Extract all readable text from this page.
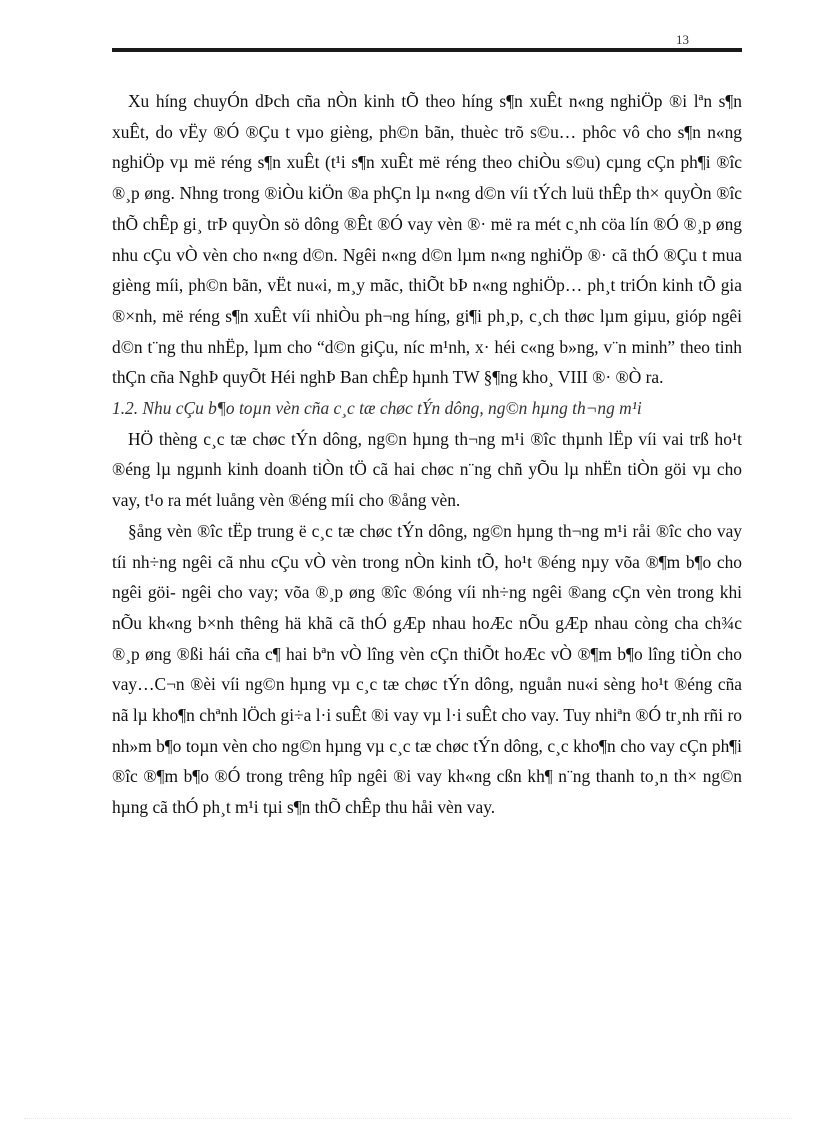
13

Xu híng chuyÓn dÞch cña nÒn kinh tÕ theo híng s¶n xuÊt n«ng nghiÖp ®i lªn s¶n xuÊt, do vËy ®Ó ®Çu t vµo gièng, ph©n bãn, thuèc trõ s©u… phôc vô cho s¶n n«ng nghiÖp vµ më réng s¶n xuÊt (t¹i s¶n xuÊt më réng theo chiÒu s©u) cµng cÇn ph¶i ®îc ®¸p øng. Nhng trong ®iÒu kiÖn ®a phÇn lµ n«ng d©n víi tÝch luü thÊp th× quyÒn ®îc thÕ chÊp gi¸ trÞ quyÒn sö dông ®Êt ®Ó vay vèn ®· më ra mét c¸nh cöa lín ®Ó ®¸p øng nhu cÇu vÒ vèn cho n«ng d©n. Ngêi n«ng d©n lµm n«ng nghiÖp ®· cã thÓ ®Çu t mua gièng míi, ph©n bãn, vËt nu«i, m¸y mãc, thiÕt bÞ n«ng nghiÖp… ph¸t triÓn kinh tÕ gia ®×nh, më réng s¶n xuÊt víi nhiÒu ph¬ng híng, gi¶i ph¸p, c¸ch thøc lµm giµu, gióp ngêi d©n t¨ng thu nhËp, lµm cho “d©n giÇu, níc m¹nh, x· héi c«ng b»ng, v¨n minh” theo tinh thÇn cña NghÞ quyÕt Héi nghÞ Ban chÊp hµnh TW §¶ng kho¸ VIII ®· ®Ò ra.

1.2. Nhu cÇu b¶o toµn vèn cña c¸c tæ chøc tÝn dông, ng©n hµng th¬ng m¹i

HÖ thèng c¸c tæ chøc tÝn dông, ng©n hµng th¬ng m¹i ®îc thµnh lËp víi vai trß ho¹t ®éng lµ ngµnh kinh doanh tiÒn tÖ cã hai chøc n¨ng chñ yÕu lµ nhËn tiÒn göi vµ cho vay, t¹o ra mét luång vèn ®éng míi cho ®ång vèn.

§ång vèn ®îc tËp trung ë c¸c tæ chøc tÝn dông, ng©n hµng th¬ng m¹i råi ®îc cho vay tíi nh÷ng ngêi cã nhu cÇu vÒ vèn trong nÒn kinh tÕ, ho¹t ®éng nµy võa ®¶m b¶o cho ngêi göi- ngêi cho vay; võa ®¸p øng ®îc ®óng víi nh÷ng ngêi ®ang cÇn vèn trong khi nÕu kh«ng b×nh thêng hä khã cã thÓ gÆp nhau hoÆc nÕu gÆp nhau còng cha ch¾c ®¸p øng ®ßi hái cña c¶ hai bªn vÒ lîng vèn cÇn thiÕt hoÆc vÒ ®¶m b¶o lîng tiÒn cho vay…C¬n ®èi víi ng©n hµng vµ c¸c tæ chøc tÝn dông, nguån nu«i sèng ho¹t ®éng cña nã lµ kho¶n chªnh lÖch gi÷a l·i suÊt ®i vay vµ l·i suÊt cho vay. Tuy nhiªn ®Ó tr¸nh rñi ro nh»m b¶o toµn vèn cho ng©n hµng vµ c¸c tæ chøc tÝn dông, c¸c kho¶n cho vay cÇn ph¶i ®îc ®¶m b¶o ®Ó trong trêng hîp ngêi ®i vay kh«ng cßn kh¶ n¨ng thanh to¸n th× ng©n hµng cã thÓ ph¸t m¹i tµi s¶n thÕ chÊp thu håi vèn vay.
